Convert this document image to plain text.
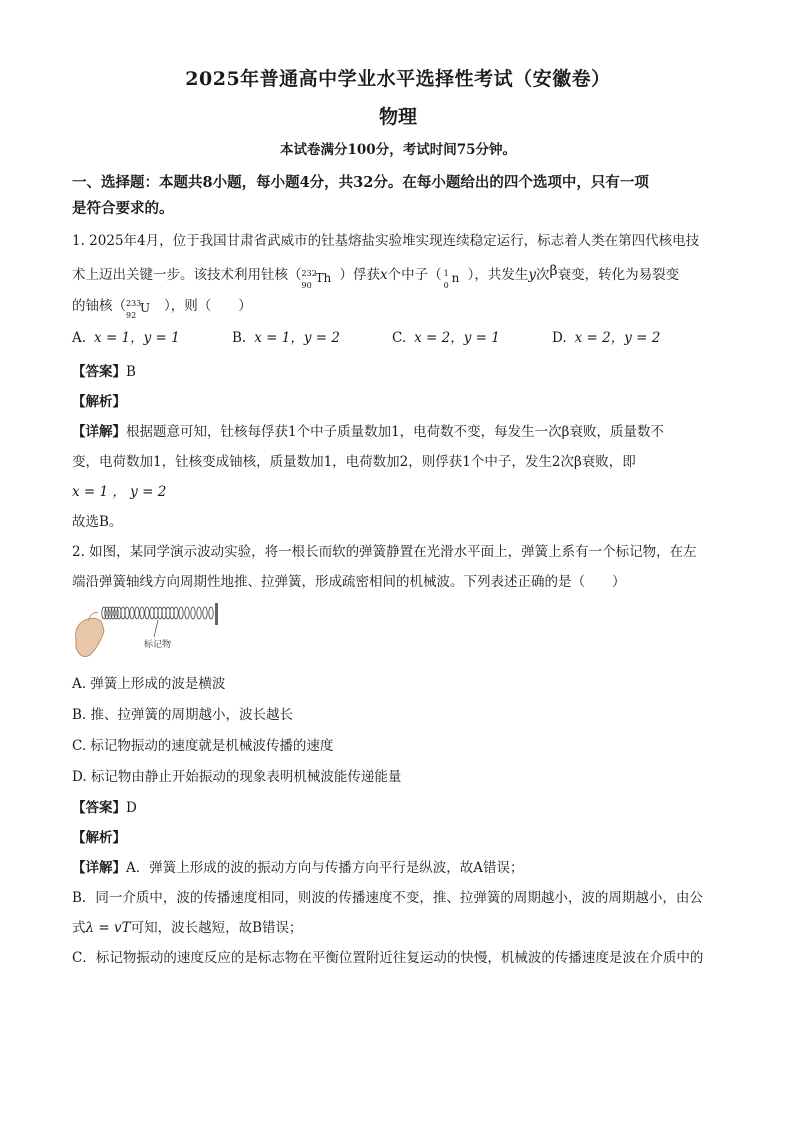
2025年普通高中学业水平选择性考试（安徽卷）
物理
本试卷满分100分，考试时间75分钟。
一、选择题：本题共8小题，每小题4分，共32分。在每小题给出的四个选项中，只有一项
是符合要求的。

1. 2025年4月，位于我国甘肃省武威市的钍基熔盐实验堆实现连续稳定运行，标志着人类在第四代核电技

术上迈出关键一步。该技术利用钍核（ 232
90
Th ）俘获x个中子（ 1
0
n ），共发生y次β衰变，转化为易裂变

的铀核（ 233
92
U ），则（　　）

A. x = 1，y = 1	B. x = 1，y = 2	C. x = 2，y = 1	D. x = 2，y = 2

【答案】B

【解析】

【详解】根据题意可知，钍核每俘获1个中子质量数加1，电荷数不变，每发生一次β衰败，质量数不

变，电荷数加1，钍核变成铀核，质量数加1，电荷数加2，则俘获1个中子，发生2次β衰败，即

x = 1 ， y = 2

故选B。

2. 如图，某同学演示波动实验，将一根长而软的弹簧静置在光滑水平面上，弹簧上系有一个标记物，在左

端沿弹簧轴线方向周期性地推、拉弹簧，形成疏密相间的机械波。下列表述正确的是（　　）

标记物

A. 弹簧上形成的波是横波

B. 推、拉弹簧的周期越小，波长越长

C. 标记物振动的速度就是机械波传播的速度

D. 标记物由静止开始振动的现象表明机械波能传递能量

【答案】D

【解析】

【详解】A．弹簧上形成的波的振动方向与传播方向平行是纵波，故A错误；

B．同一介质中，波的传播速度相同，则波的传播速度不变，推、拉弹簧的周期越小，波的周期越小，由公

式λ = vT可知，波长越短，故B错误；

C．标记物振动的速度反应的是标志物在平衡位置附近往复运动的快慢，机械波的传播速度是波在介质中的
